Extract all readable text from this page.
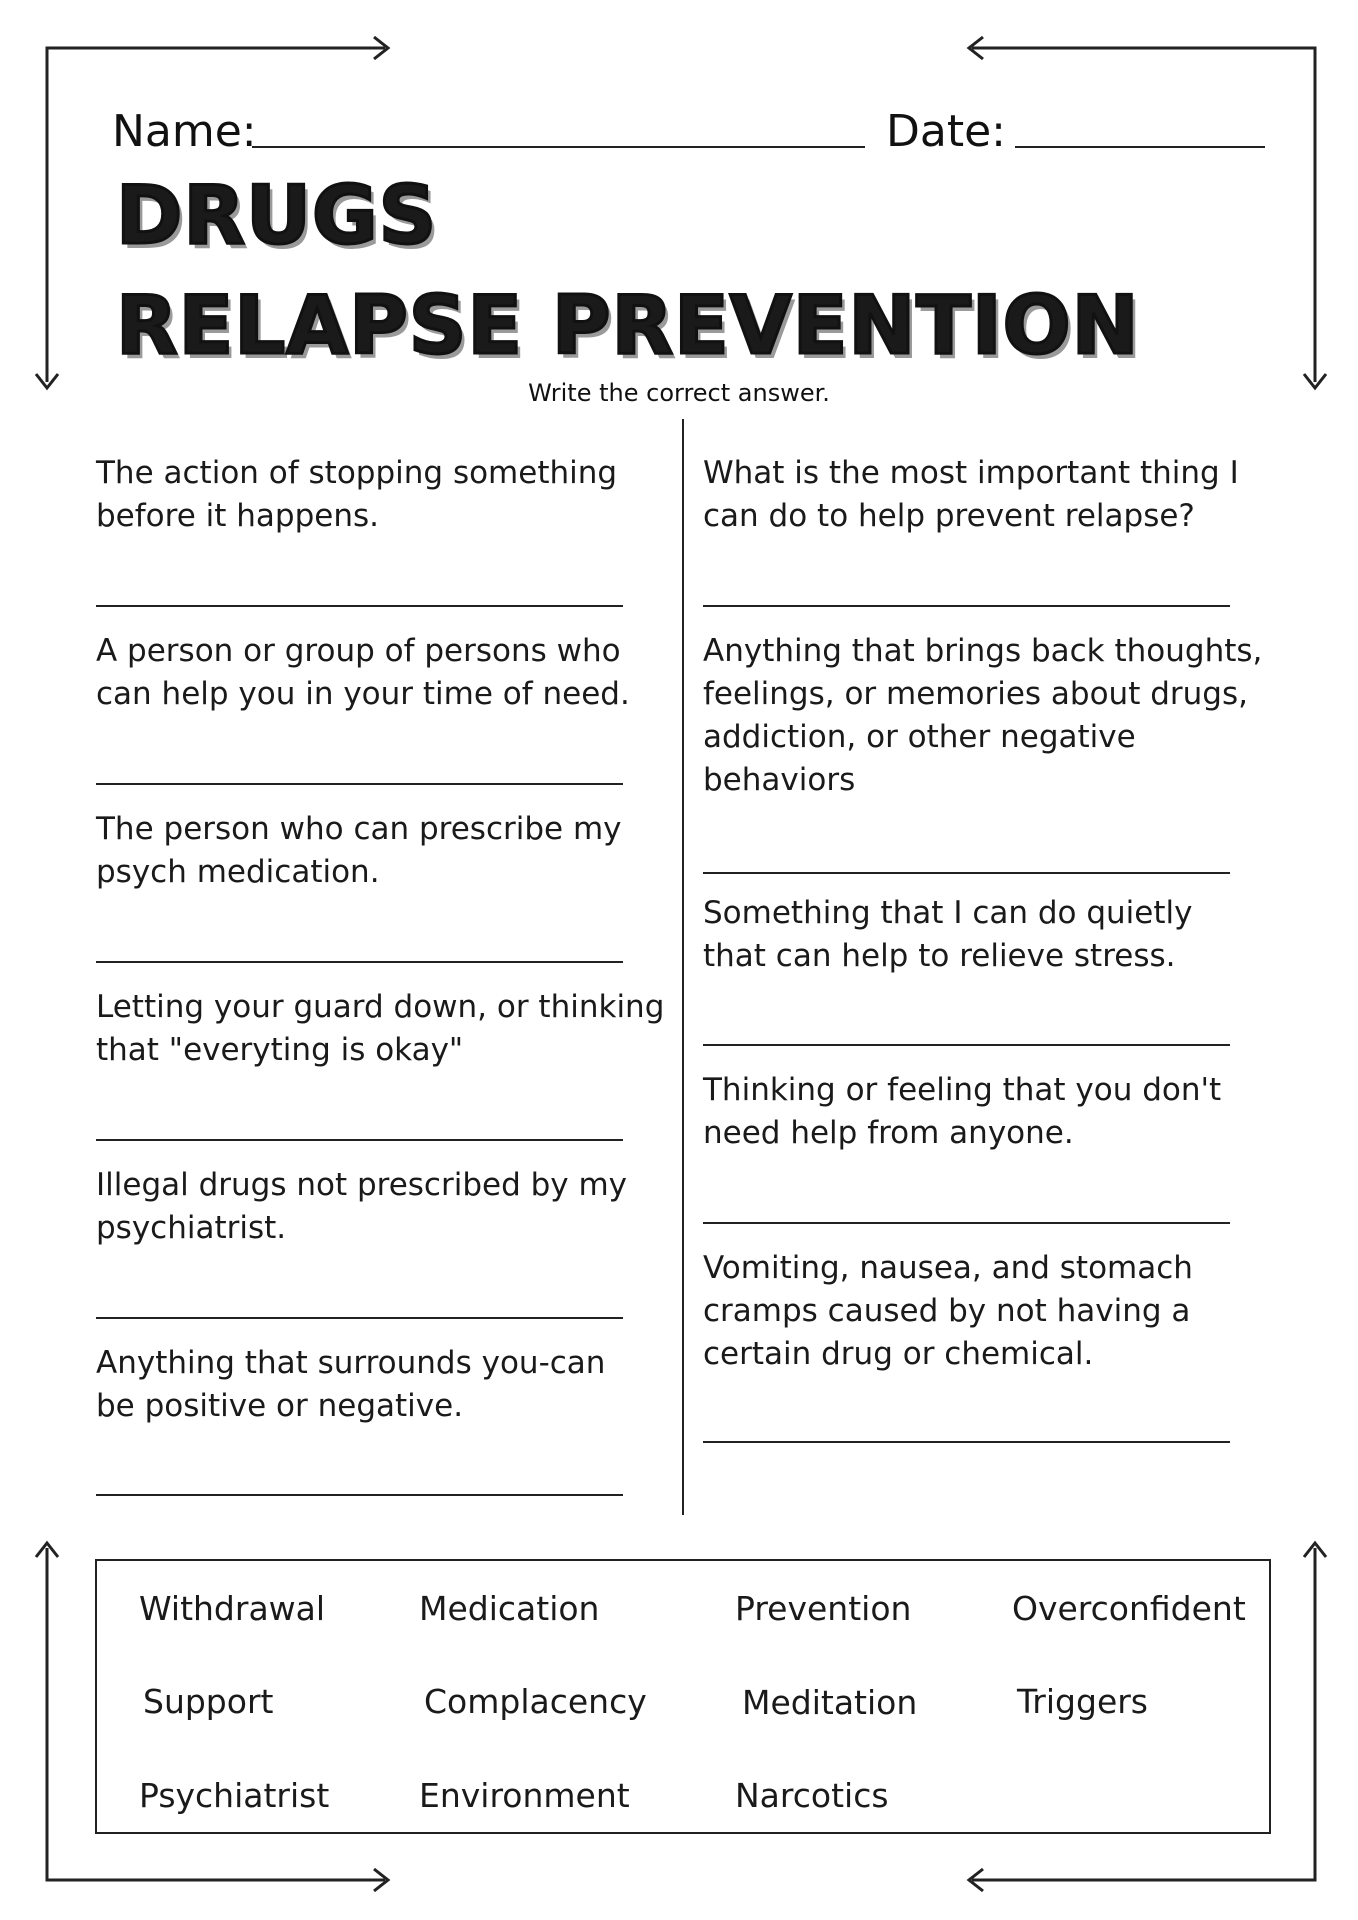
Name:	Date:
DRUGS
RELAPSE PREVENTION
Write the correct answer.

The action of stopping something

before it happens.

A person or group of persons who

can help you in your time of need.

The person who can prescribe my

psych medication.

Letting your guard down, or thinking

that "everyting is okay"

Illegal drugs not prescribed by my

psychiatrist.

Anything that surrounds you-can

be positive or negative.

What is the most important thing I

can do to help prevent relapse?

Anything that brings back thoughts,

feelings, or memories about drugs,

addiction, or other negative

behaviors

Something that I can do quietly

that can help to relieve stress.

Thinking or feeling that you don't

need help from anyone.

Vomiting, nausea, and stomach

cramps caused by not having a

certain drug or chemical.

Withdrawal	Medication	Prevention	Overconfident
Support	Complacency	Meditation	Triggers
Psychiatrist	Environment	Narcotics
